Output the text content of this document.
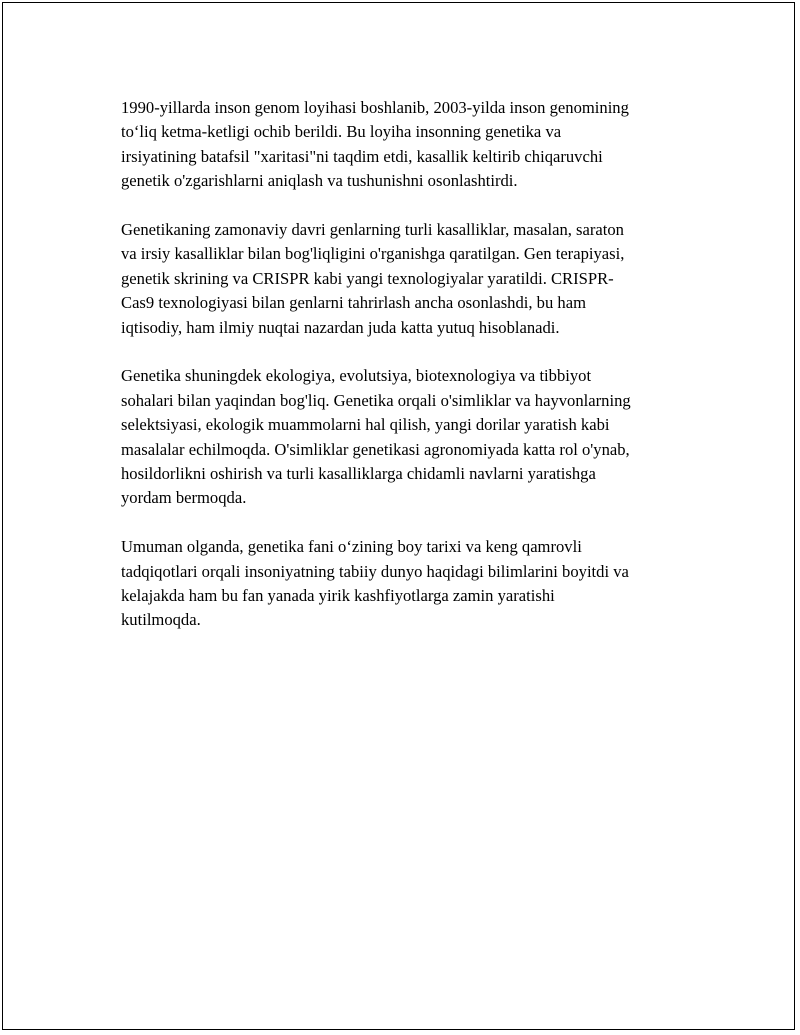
1990-yillarda inson genom loyihasi boshlanib, 2003-yilda inson genomining
to‘liq ketma-ketligi ochib berildi. Bu loyiha insonning genetika va
irsiyatining batafsil "xaritasi"ni taqdim etdi, kasallik keltirib chiqaruvchi
genetik o'zgarishlarni aniqlash va tushunishni osonlashtirdi.

Genetikaning zamonaviy davri genlarning turli kasalliklar, masalan, saraton
va irsiy kasalliklar bilan bog'liqligini o'rganishga qaratilgan. Gen terapiyasi,
genetik skrining va CRISPR kabi yangi texnologiyalar yaratildi. CRISPR-
Cas9 texnologiyasi bilan genlarni tahrirlash ancha osonlashdi, bu ham
iqtisodiy, ham ilmiy nuqtai nazardan juda katta yutuq hisoblanadi.

Genetika shuningdek ekologiya, evolutsiya, biotexnologiya va tibbiyot
sohalari bilan yaqindan bog'liq. Genetika orqali o'simliklar va hayvonlarning
selektsiyasi, ekologik muammolarni hal qilish, yangi dorilar yaratish kabi
masalalar echilmoqda. O'simliklar genetikasi agronomiyada katta rol o'ynab,
hosildorlikni oshirish va turli kasalliklarga chidamli navlarni yaratishga
yordam bermoqda.

Umuman olganda, genetika fani o‘zining boy tarixi va keng qamrovli
tadqiqotlari orqali insoniyatning tabiiy dunyo haqidagi bilimlarini boyitdi va
kelajakda ham bu fan yanada yirik kashfiyotlarga zamin yaratishi
kutilmoqda.
